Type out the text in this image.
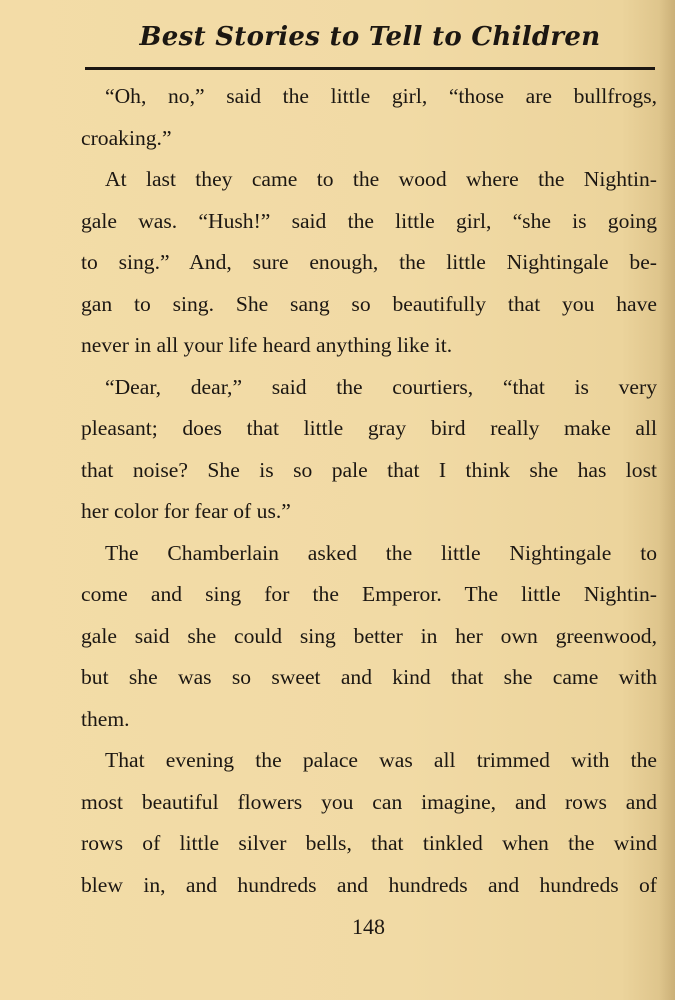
Best Stories to Tell to Children
“Oh, no,” said the little girl, “those are bullfrogs,
croaking.”
At last they came to the wood where the Nightin-
gale was. “Hush!” said the little girl, “she is going
to sing.” And, sure enough, the little Nightingale be-
gan to sing. She sang so beautifully that you have
never in all your life heard anything like it.
“Dear, dear,” said the courtiers, “that is very
pleasant; does that little gray bird really make all
that noise? She is so pale that I think she has lost
her color for fear of us.”
The Chamberlain asked the little Nightingale to
come and sing for the Emperor. The little Nightin-
gale said she could sing better in her own greenwood,
but she was so sweet and kind that she came with
them.
That evening the palace was all trimmed with the
most beautiful flowers you can imagine, and rows and
rows of little silver bells, that tinkled when the wind
blew in, and hundreds and hundreds and hundreds of
148
